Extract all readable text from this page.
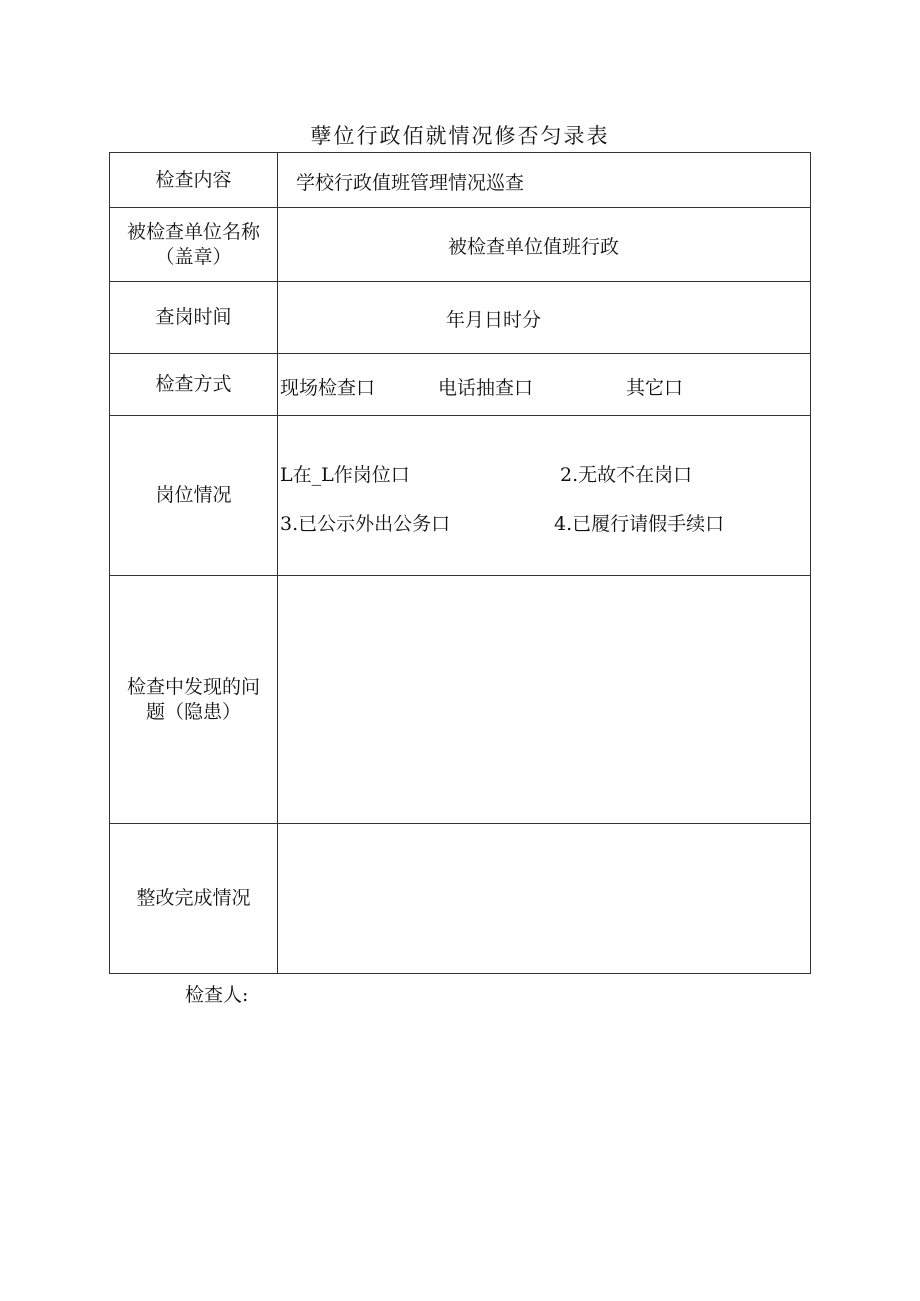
孽位行政佰就情况修否匀录表
检查内容	学校行政值班管理情况巡查

被检查单位名称
（盖章）	被检查单位值班行政

查岗时间	年月日时分

检查方式	现场检查口 电话抽查口 其它口

岗位情况	L在_L作岗位口 2.无故不在岗口
3.已公示外出公务口 4.已履行请假手续口

检查中发现的问
题（隐患）	

整改完成情况	
检查人:
